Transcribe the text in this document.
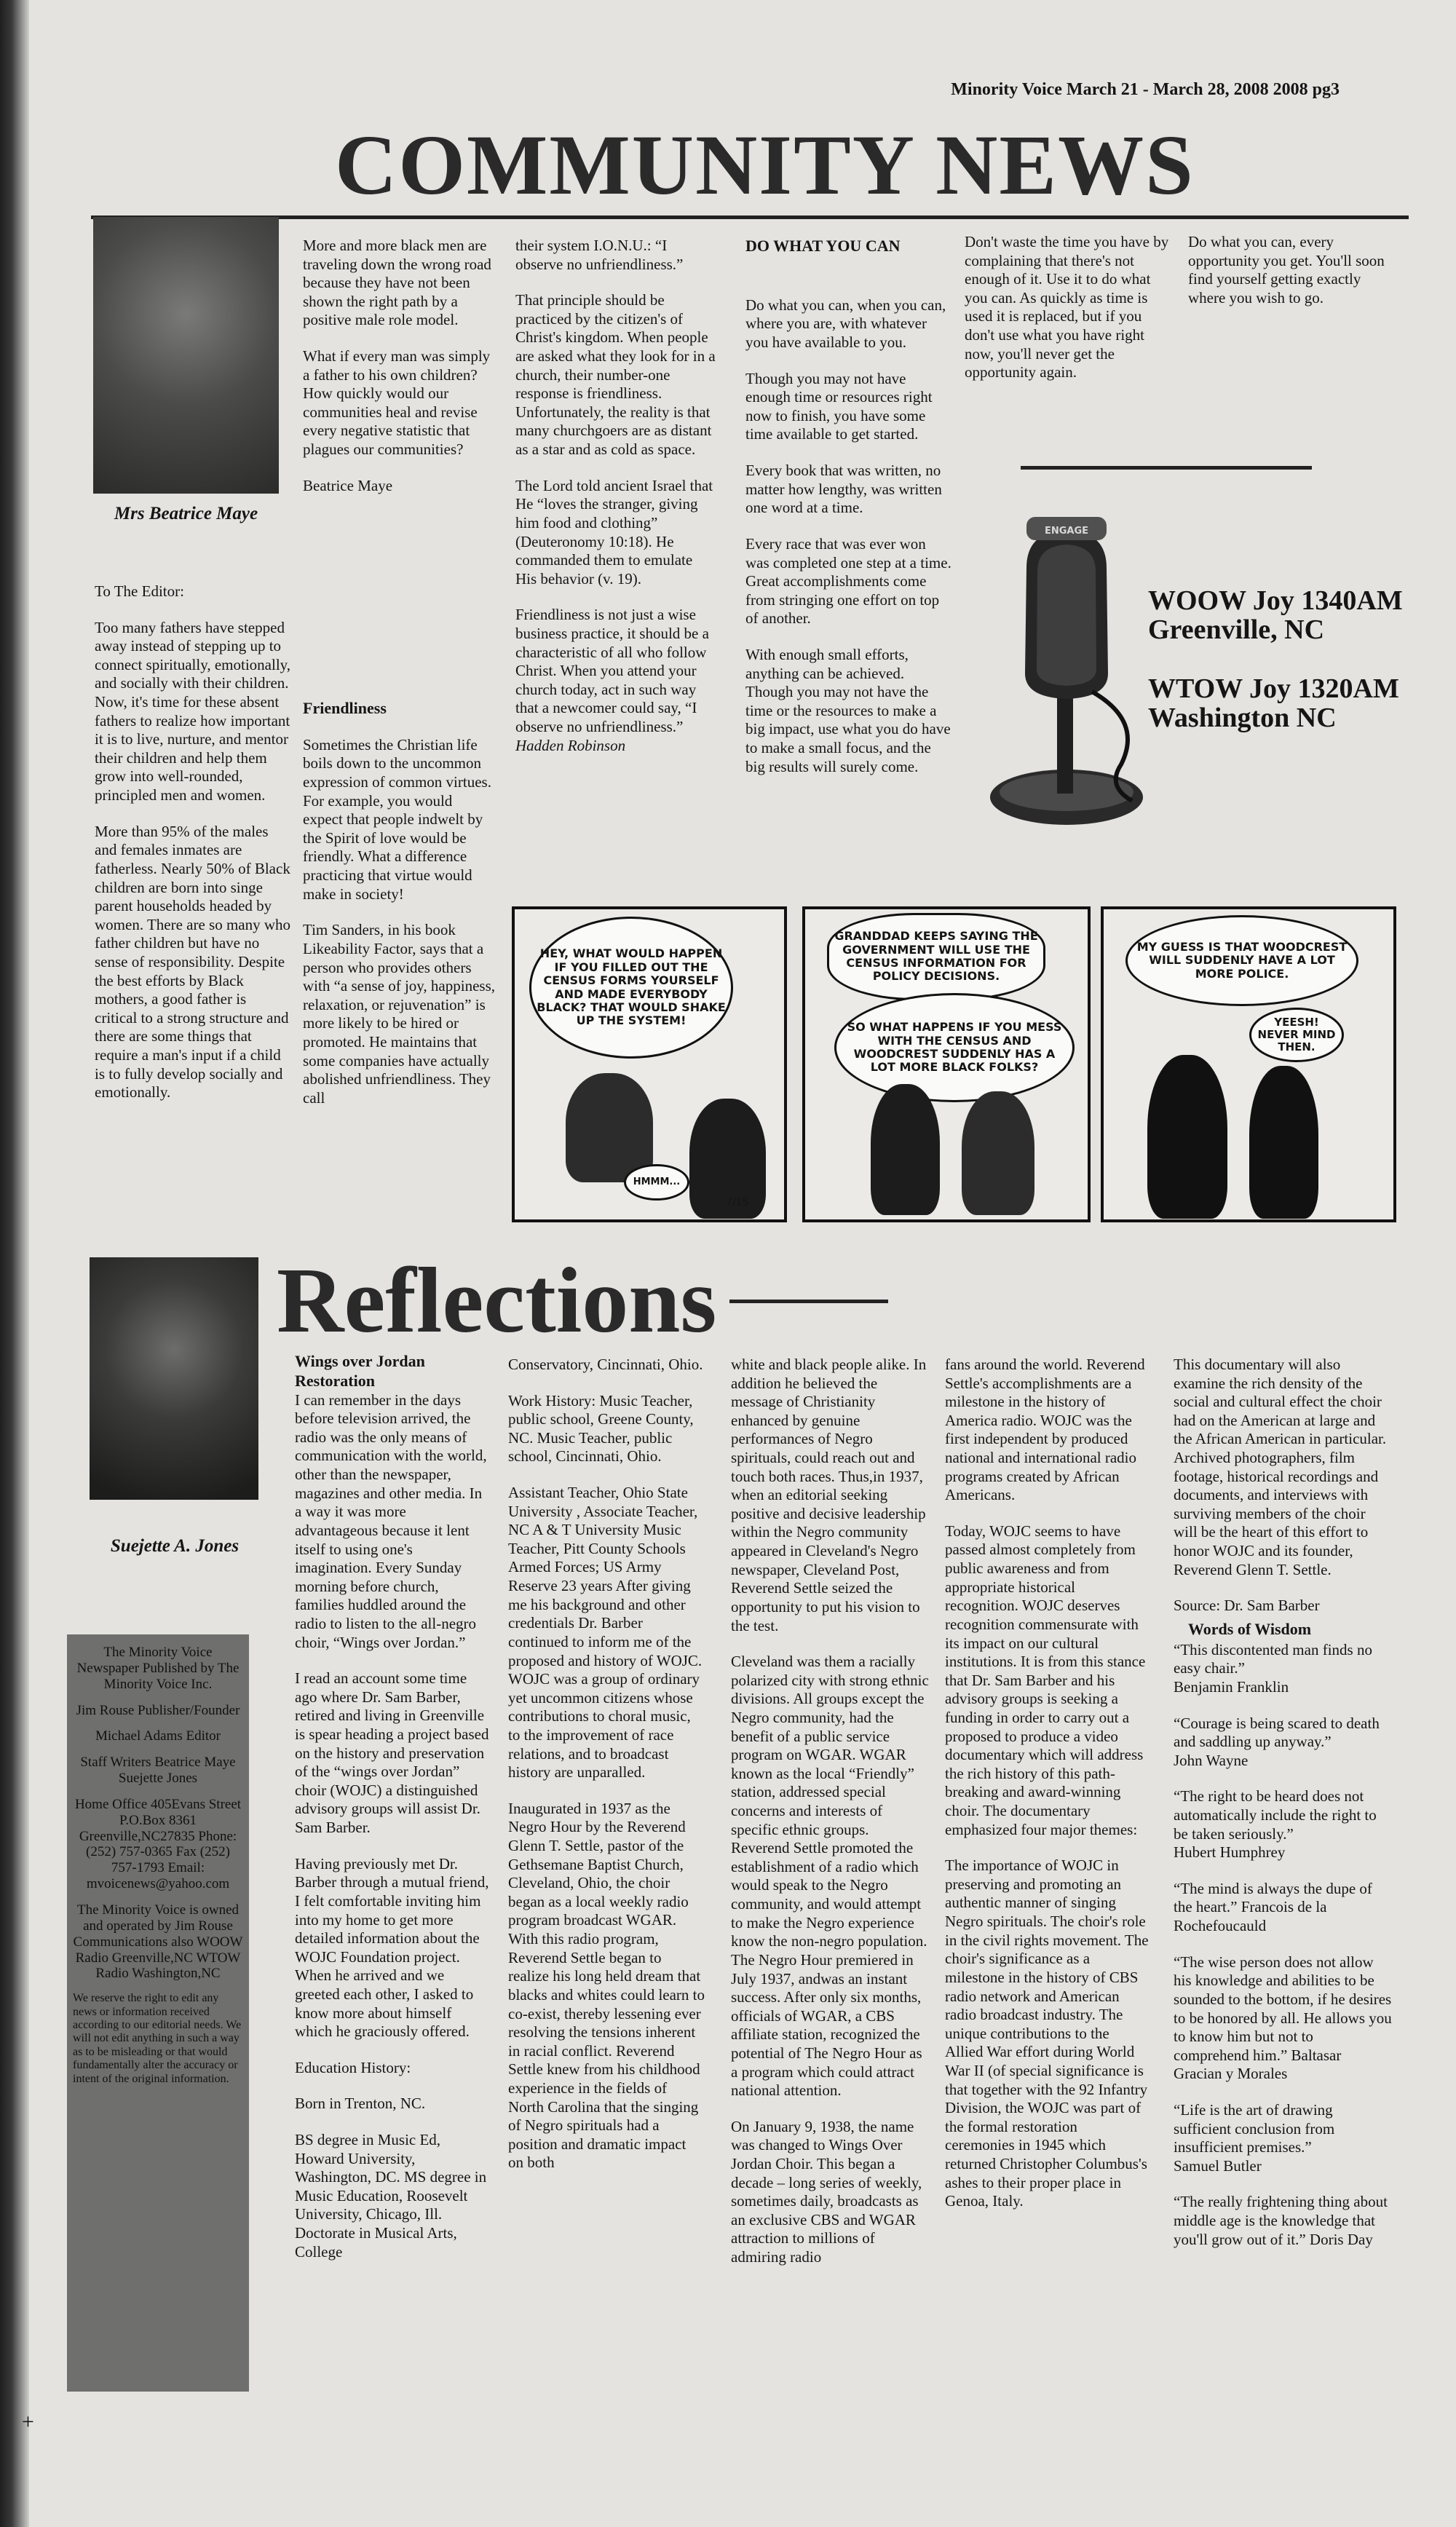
Minority Voice March 21 - March 28, 2008 2008 pg3
COMMUNITY NEWS
Mrs Beatrice Maye

To The Editor:

Too many fathers have stepped away instead of stepping up to connect spiritually, emotionally, and socially with their children. Now, it's time for these absent fathers to realize how important it is to live, nurture, and mentor their children and help them grow into well-rounded, principled men and women.

More than 95% of the males and females inmates are fatherless. Nearly 50% of Black children are born into singe parent households headed by women. There are so many who father children but have no sense of responsibility. Despite the best efforts by Black mothers, a good father is critical to a strong structure and there are some things that require a man's input if a child is to fully develop socially and emotionally.

More and more black men are traveling down the wrong road because they have not been shown the right path by a positive male role model.

What if every man was simply a father to his own children? How quickly would our communities heal and revise every negative statistic that plagues our communities?

Beatrice Maye

Friendliness

Sometimes the Christian life boils down to the uncommon expression of common virtues. For example, you would expect that people indwelt by the Spirit of love would be friendly. What a difference practicing that virtue would make in society!

Tim Sanders, in his book Likeability Factor, says that a person who provides others with “a sense of joy, happiness, relaxation, or rejuvenation” is more likely to be hired or promoted. He maintains that some companies have actually abolished unfriendliness. They call

their system I.O.N.U.: “I observe no unfriendliness.”

That principle should be practiced by the citizen's of Christ's kingdom. When people are asked what they look for in a church, their number-one response is friendliness. Unfortunately, the reality is that many churchgoers are as distant as a star and as cold as space.

The Lord told ancient Israel that He “loves the stranger, giving him food and clothing” (Deuteronomy 10:18). He commanded them to emulate His behavior (v. 19).

Friendliness is not just a wise business practice, it should be a characteristic of all who follow Christ. When you attend your church today, act in such way that a newcomer could say, “I observe no unfriendliness.”

Hadden Robinson

DO WHAT YOU CAN

Do what you can, when you can, where you are, with whatever you have available to you.

Though you may not have enough time or resources right now to finish, you have some time available to get started.

Every book that was written, no matter how lengthy, was written one word at a time.

Every race that was ever won was completed one step at a time. Great accomplishments come from stringing one effort on top of another.

With enough small efforts, anything can be achieved. Though you may not have the time or the resources to make a big impact, use what you do have to make a small focus, and the big results will surely come.

Don't waste the time you have by complaining that there's not enough of it. Use it to do what you can. As quickly as time is used it is replaced, but if you don't use what you have right now, you'll never get the opportunity again.

Do what you can, every opportunity you get. You'll soon find yourself getting exactly where you wish to go.

ENGAGE
WOOW Joy 1340AM
Greenville, NC
WTOW Joy 1320AM
Washington NC
HEY, WHAT WOULD HAPPEN IF YOU FILLED OUT THE CENSUS FORMS YOURSELF AND MADE EVERYBODY BLACK? THAT WOULD SHAKE UP THE SYSTEM!
HMMM...
7/15
GRANDDAD KEEPS SAYING THE GOVERNMENT WILL USE THE CENSUS INFORMATION FOR POLICY DECISIONS.
SO WHAT HAPPENS IF YOU MESS WITH THE CENSUS AND WOODCREST SUDDENLY HAS A LOT MORE BLACK FOLKS?
MY GUESS IS THAT WOODCREST WILL SUDDENLY HAVE A LOT MORE POLICE.
YEESH! NEVER MIND THEN.
Reflections
Suejette A. Jones

The Minority Voice Newspaper Published by The Minority Voice Inc.

Jim Rouse Publisher/Founder

Michael Adams Editor

Staff Writers Beatrice Maye Suejette Jones

Home Office 405Evans Street P.O.Box 8361 Greenville,NC27835 Phone: (252) 757-0365 Fax (252) 757-1793 Email: mvoicenews@yahoo.com

The Minority Voice is owned and operated by Jim Rouse Communications also WOOW Radio Greenville,NC WTOW Radio Washington,NC

We reserve the right to edit any news or information received according to our editorial needs. We will not edit anything in such a way as to be misleading or that would fundamentally alter the accuracy or intent of the original information.

Wings over Jordan Restoration

I can remember in the days before television arrived, the radio was the only means of communication with the world, other than the newspaper, magazines and other media. In a way it was more advantageous because it lent itself to using one's imagination. Every Sunday morning before church, families huddled around the radio to listen to the all-negro choir, “Wings over Jordan.”

I read an account some time ago where Dr. Sam Barber, retired and living in Greenville is spear heading a project based on the history and preservation of the “wings over Jordan” choir (WOJC) a distinguished advisory groups will assist Dr. Sam Barber.

Having previously met Dr. Barber through a mutual friend, I felt comfortable inviting him into my home to get more detailed information about the WOJC Foundation project. When he arrived and we greeted each other, I asked to know more about himself which he graciously offered.

Education History:

Born in Trenton, NC.

BS degree in Music Ed, Howard University, Washington, DC. MS degree in Music Education, Roosevelt University, Chicago, Ill. Doctorate in Musical Arts, College

Conservatory, Cincinnati, Ohio.

Work History: Music Teacher, public school, Greene County, NC. Music Teacher, public school, Cincinnati, Ohio.

Assistant Teacher, Ohio State University , Associate Teacher, NC A & T University Music Teacher, Pitt County Schools Armed Forces; US Army Reserve 23 years After giving me his background and other credentials Dr. Barber continued to inform me of the proposed and history of WOJC. WOJC was a group of ordinary yet uncommon citizens whose contributions to choral music, to the improvement of race relations, and to broadcast history are unparalled.

Inaugurated in 1937 as the Negro Hour by the Reverend Glenn T. Settle, pastor of the Gethsemane Baptist Church, Cleveland, Ohio, the choir began as a local weekly radio program broadcast WGAR. With this radio program, Reverend Settle began to realize his long held dream that blacks and whites could learn to co-exist, thereby lessening ever resolving the tensions inherent in racial conflict. Reverend Settle knew from his childhood experience in the fields of North Carolina that the singing of Negro spirituals had a position and dramatic impact on both

white and black people alike. In addition he believed the message of Christianity enhanced by genuine performances of Negro spirituals, could reach out and touch both races. Thus,in 1937, when an editorial seeking positive and decisive leadership within the Negro community appeared in Cleveland's Negro newspaper, Cleveland Post, Reverend Settle seized the opportunity to put his vision to the test.

Cleveland was them a racially polarized city with strong ethnic divisions. All groups except the Negro community, had the benefit of a public service program on WGAR. WGAR known as the local “Friendly” station, addressed special concerns and interests of specific ethnic groups. Reverend Settle promoted the establishment of a radio which would speak to the Negro community, and would attempt to make the Negro experience know the non-negro population. The Negro Hour premiered in July 1937, andwas an instant success. After only six months, officials of WGAR, a CBS affiliate station, recognized the potential of The Negro Hour as a program which could attract national attention.

On January 9, 1938, the name was changed to Wings Over Jordan Choir. This began a decade – long series of weekly, sometimes daily, broadcasts as an exclusive CBS and WGAR attraction to millions of admiring radio

fans around the world. Reverend Settle's accomplishments are a milestone in the history of America radio. WOJC was the first independent by produced national and international radio programs created by African Americans.

Today, WOJC seems to have passed almost completely from public awareness and from appropriate historical recognition. WOJC deserves recognition commensurate with its impact on our cultural institutions. It is from this stance that Dr. Sam Barber and his advisory groups is seeking a funding in order to carry out a proposed to produce a video documentary which will address the rich history of this path-breaking and award-winning choir. The documentary emphasized four major themes:

The importance of WOJC in preserving and promoting an authentic manner of singing Negro spirituals. The choir's role in the civil rights movement. The choir's significance as a milestone in the history of CBS radio network and American radio broadcast industry. The unique contributions to the Allied War effort during World War II (of special significance is that together with the 92 Infantry Division, the WOJC was part of the formal restoration ceremonies in 1945 which returned Christopher Columbus's ashes to their proper place in Genoa, Italy.

This documentary will also examine the rich density of the social and cultural effect the choir had on the American at large and the African American in particular. Archived photographers, film footage, historical recordings and documents, and interviews with surviving members of the choir will be the heart of this effort to honor WOJC and its founder, Reverend Glenn T. Settle.

Source: Dr. Sam Barber

Words of Wisdom

“This discontented man finds no easy chair.”

Benjamin Franklin

“Courage is being scared to death and saddling up anyway.”

John Wayne

“The right to be heard does not automatically include the right to be taken seriously.”

Hubert Humphrey

“The mind is always the dupe of the heart.” Francois de la Rochefoucauld

“The wise person does not allow his knowledge and abilities to be sounded to the bottom, if he desires to be honored by all. He allows you to know him but not to comprehend him.” Baltasar Gracian y Morales

“Life is the art of drawing sufficient conclusion from insufficient premises.”

Samuel Butler

“The really frightening thing about middle age is the knowledge that you'll grow out of it.” Doris Day

+
